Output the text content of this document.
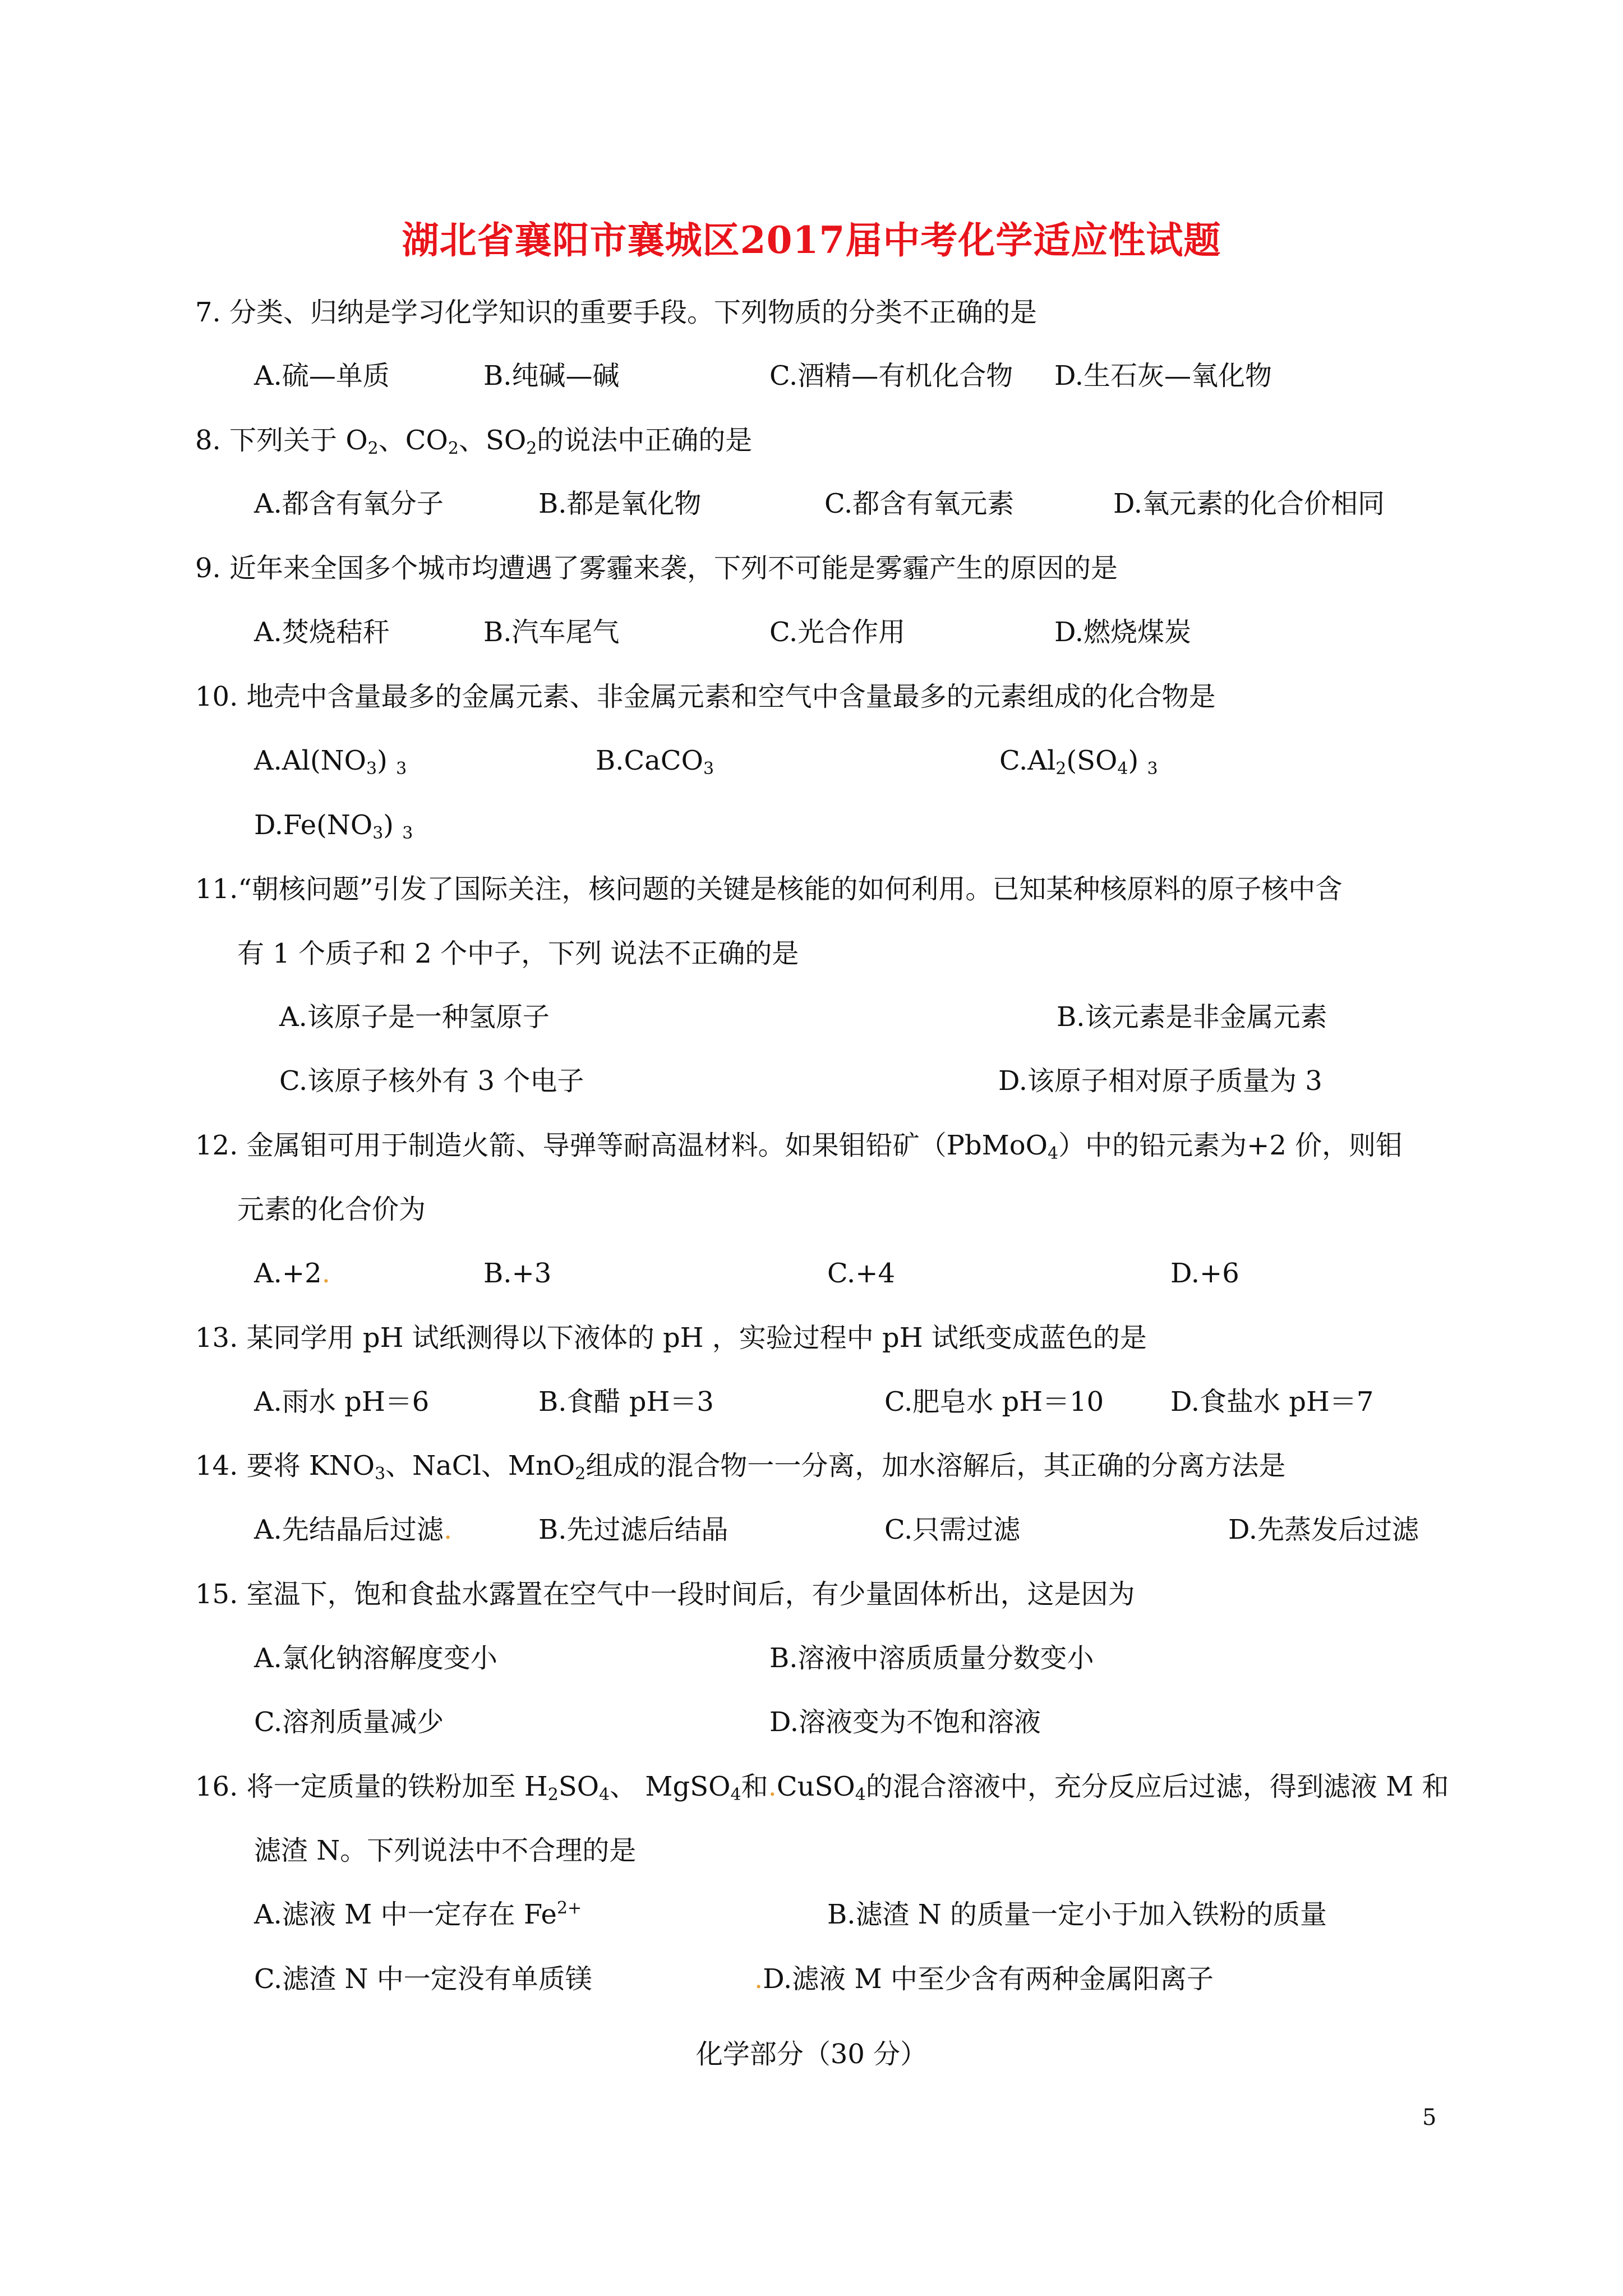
湖北省襄阳市襄城区2017届中考化学适应性试题
7. 分类、归纳是学习化学知识的重要手段。下列物质的分类不正确的是
A.硫—单质	B.纯碱—碱	C.酒精—有机化合物 D.生石灰—氧化物
8. 下列关于 $O_2$、$CO_2$、$SO_2$的说法中正确的是
A.都含有氧分子	B.都是氧化物	C.都含有氧元素	D.氧元素的化合价相同
9. 近年来全国多个城市均遭遇了雾霾来袭，下列不可能是雾霾产生的原因的是
A.焚烧秸秆	B.汽车尾气	C.光合作用	D.燃烧煤炭
10. 地壳中含量最多的金属元素、非金属元素和空气中含量最多的元素组成的化合物是
$A.Al(NO_3)$ $_3$	B.CaCO$_3$	$C.Al_2(SO_4)$ $_3$
$D.Fe(NO_3)$ $_3$
11.“朝核问题”引发了国际关注，核问题的关键是核能的如何利用。已知某种核原料的原子核中含
有 1 个质子和 2 个中子，下列 说法不正确的是
A.该原子是一种氢原子	B.该元素是非金属元素
C.该原子核外有 3 个电子	D.该原子相对原子质量为 3
12. 金属钼可用于制造火箭、导弹等耐高温材料。如果钼铅矿（PbMoO$_4$）中的铅元素为+2 价，则钼
元素的化合价为
A.+2.	B.+3	C.+4	D.+6
13. 某同学用 pH 试纸测得以下液体的 pH ，实验过程中 pH 试纸变成蓝色的是
A.雨水 pH＝6	B.食醋 pH＝3	C.肥皂水 pH＝10 D.食盐水 pH＝7
14. 要将 $KNO_3$、NaCl、MnO$_2$组成的混合物一一分离，加水溶解后，其正确的分离方法是
A.先结晶后过滤.	B.先过滤后结晶	C.只需过滤	D.先蒸发后过滤
15. 室温下，饱和食盐水露置在空气中一段时间后，有少量固体析出，这是因为
A.氯化钠溶解度变小	B.溶液中溶质质量分数变小
C.溶剂质量减少	D.溶液变为不饱和溶液
16. 将一定质量的铁粉加至 $H_2SO_4$、 MgSO$_4$和.CuSO$_4$的混合溶液中，充分反应后过滤，得到滤液 M 和
滤渣 N。下列说法中不合理的是
A.滤液 M 中一定存在 $Fe^{2+}$	B.滤渣 N 的质量一定小于加入铁粉的质量
C.滤渣 N 中一定没有单质镁	.D.滤液 M 中至少含有两种金属阳离子
化学部分（30 分）
5
